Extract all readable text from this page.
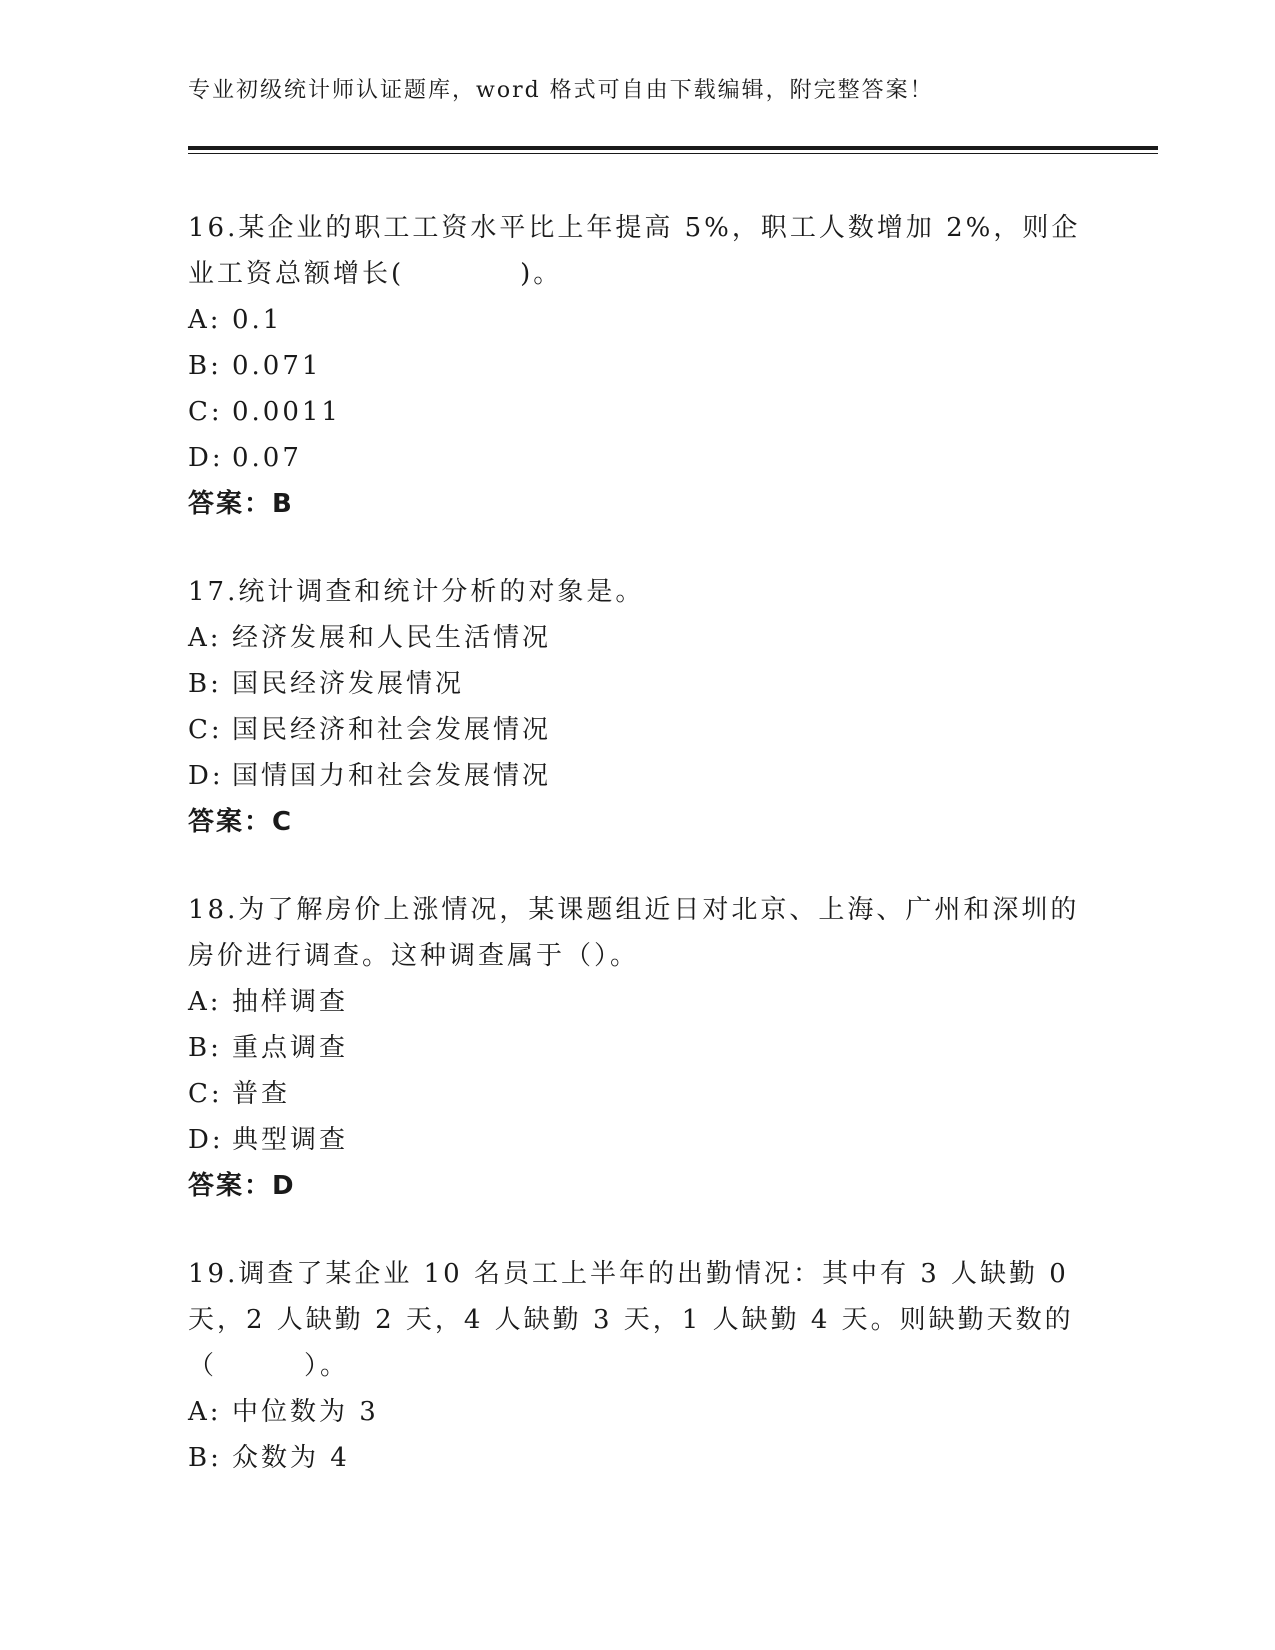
专业初级统计师认证题库，word 格式可自由下载编辑，附完整答案！
16.某企业的职工工资水平比上年提高 5%，职工人数增加 2%，则企业工资总额增长(　　　　)。
A: 0.1
B: 0.071
C: 0.0011
D: 0.07
答案：B
17.统计调查和统计分析的对象是。
A: 经济发展和人民生活情况
B: 国民经济发展情况
C: 国民经济和社会发展情况
D: 国情国力和社会发展情况
答案：C
18.为了解房价上涨情况，某课题组近日对北京、上海、广州和深圳的房价进行调查。这种调查属于（）。
A: 抽样调查
B: 重点调查
C: 普查
D: 典型调查
答案：D
19.调查了某企业 10 名员工上半年的出勤情况：其中有 3 人缺勤 0 天，2 人缺勤 2 天，4 人缺勤 3 天，1 人缺勤 4 天。则缺勤天数的（　　　）。
A: 中位数为 3
B: 众数为 4
